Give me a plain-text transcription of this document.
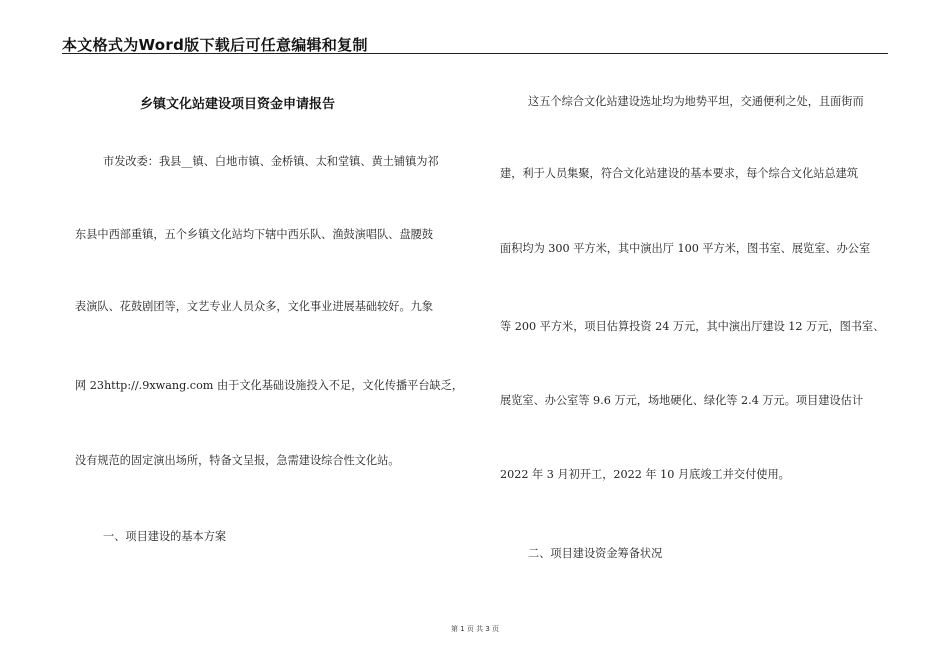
本文格式为Word版下载后可任意编辑和复制
乡镇文化站建设项目资金申请报告
市发改委：我县__镇、白地市镇、金桥镇、太和堂镇、黄土铺镇为祁
东县中西部重镇，五个乡镇文化站均下辖中西乐队、渔鼓演唱队、盘腰鼓
表演队、花鼓剧团等，文艺专业人员众多，文化事业进展基础较好。九象
网 23http://.9xwang.com 由于文化基础设施投入不足，文化传播平台缺乏，
没有规范的固定演出场所，特备文呈报，急需建设综合性文化站。
一、项目建设的基本方案
这五个综合文化站建设选址均为地势平坦，交通便利之处，且面街而
建，利于人员集聚，符合文化站建设的基本要求，每个综合文化站总建筑
面积均为 300 平方米，其中演出厅 100 平方米，图书室、展览室、办公室
等 200 平方米，项目估算投资 24 万元，其中演出厅建设 12 万元，图书室、
展览室、办公室等 9.6 万元，场地硬化、绿化等 2.4 万元。项目建设估计
2022 年 3 月初开工，2022 年 10 月底竣工并交付使用。
二、项目建设资金筹备状况
第 1 页 共 3 页
